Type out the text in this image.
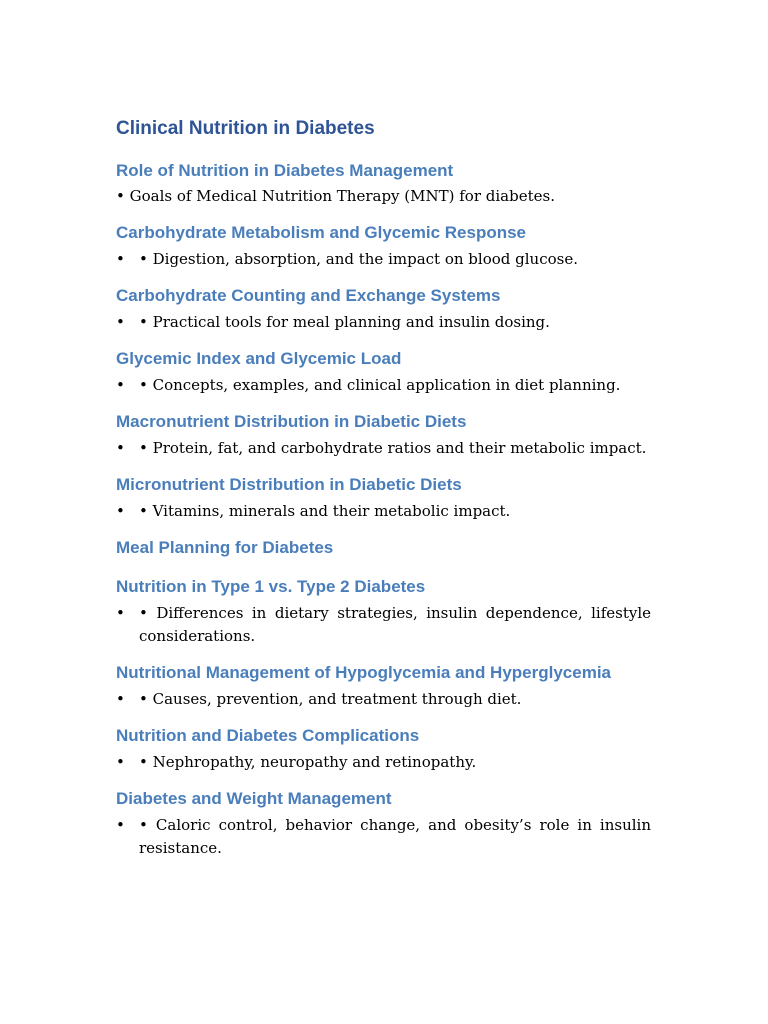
Clinical Nutrition in Diabetes
Role of Nutrition in Diabetes Management

• Goals of Medical Nutrition Therapy (MNT) for diabetes.

Carbohydrate Metabolism and Glycemic Response
• • Digestion, absorption, and the impact on blood glucose.
Carbohydrate Counting and Exchange Systems
• • Practical tools for meal planning and insulin dosing.
Glycemic Index and Glycemic Load
• • Concepts, examples, and clinical application in diet planning.
Macronutrient Distribution in Diabetic Diets
• • Protein, fat, and carbohydrate ratios and their metabolic impact.
Micronutrient Distribution in Diabetic Diets
• • Vitamins, minerals and their metabolic impact.
Meal Planning for Diabetes
Nutrition in Type 1 vs. Type 2 Diabetes
• • Differences in dietary strategies, insulin dependence, lifestyle considerations.
Nutritional Management of Hypoglycemia and Hyperglycemia
• • Causes, prevention, and treatment through diet.
Nutrition and Diabetes Complications
• • Nephropathy, neuropathy and retinopathy.
Diabetes and Weight Management
• • Caloric control, behavior change, and obesity’s role in insulin resistance.
